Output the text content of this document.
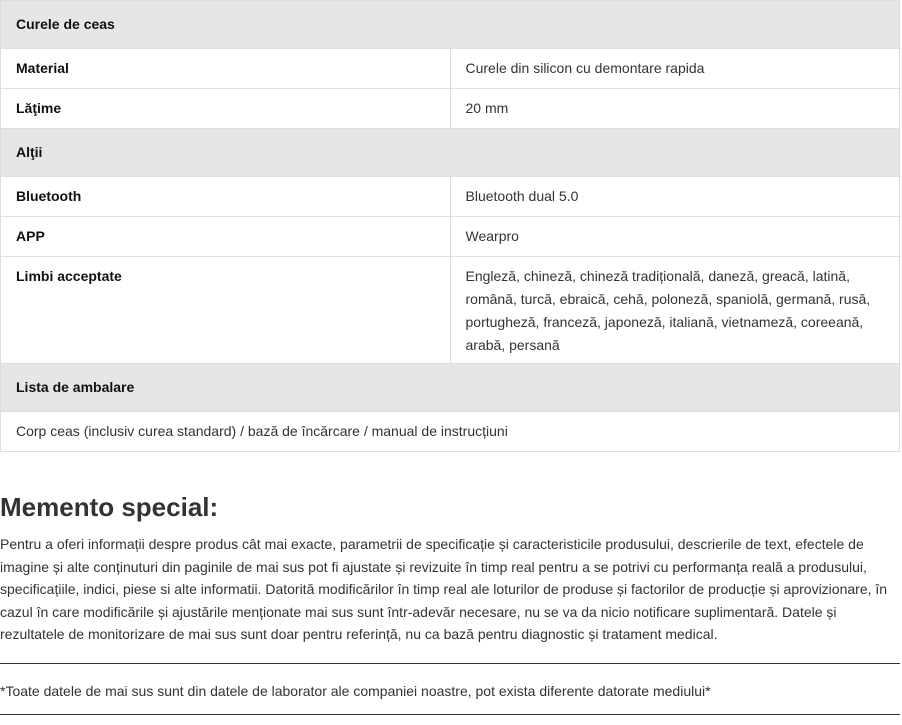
Curele de ceas	
Material	Curele din silicon cu demontare rapida
Lăţime	20 mm
Alţii	
Bluetooth	Bluetooth dual 5.0
APP	Wearpro
Limbi acceptate	Engleză, chineză, chineză tradițională, daneză, greacă, latină, română, turcă, ebraică, cehă, poloneză, spaniolă, germană, rusă, portugheză, franceză, japoneză, italiană, vietnameză, coreeană, arabă, persană
Lista de ambalare	
Corp ceas (inclusiv curea standard) / bază de încărcare / manual de instrucțiuni	
Memento special:

Pentru a oferi informații despre produs cât mai exacte, parametrii de specificație și caracteristicile produsului, descrierile de text, efectele de imagine și alte conținuturi din paginile de mai sus pot fi ajustate și revizuite în timp real pentru a se potrivi cu performanța reală a produsului, specificațiile, indici, piese si alte informatii. Datorită modificărilor în timp real ale loturilor de produse și factorilor de producție și aprovizionare, în cazul în care modificările și ajustările menționate mai sus sunt într-adevăr necesare, nu se va da nicio notificare suplimentară. Datele și rezultatele de monitorizare de mai sus sunt doar pentru referință, nu ca bază pentru diagnostic și tratament medical.

*Toate datele de mai sus sunt din datele de laborator ale companiei noastre, pot exista diferente datorate mediului*
